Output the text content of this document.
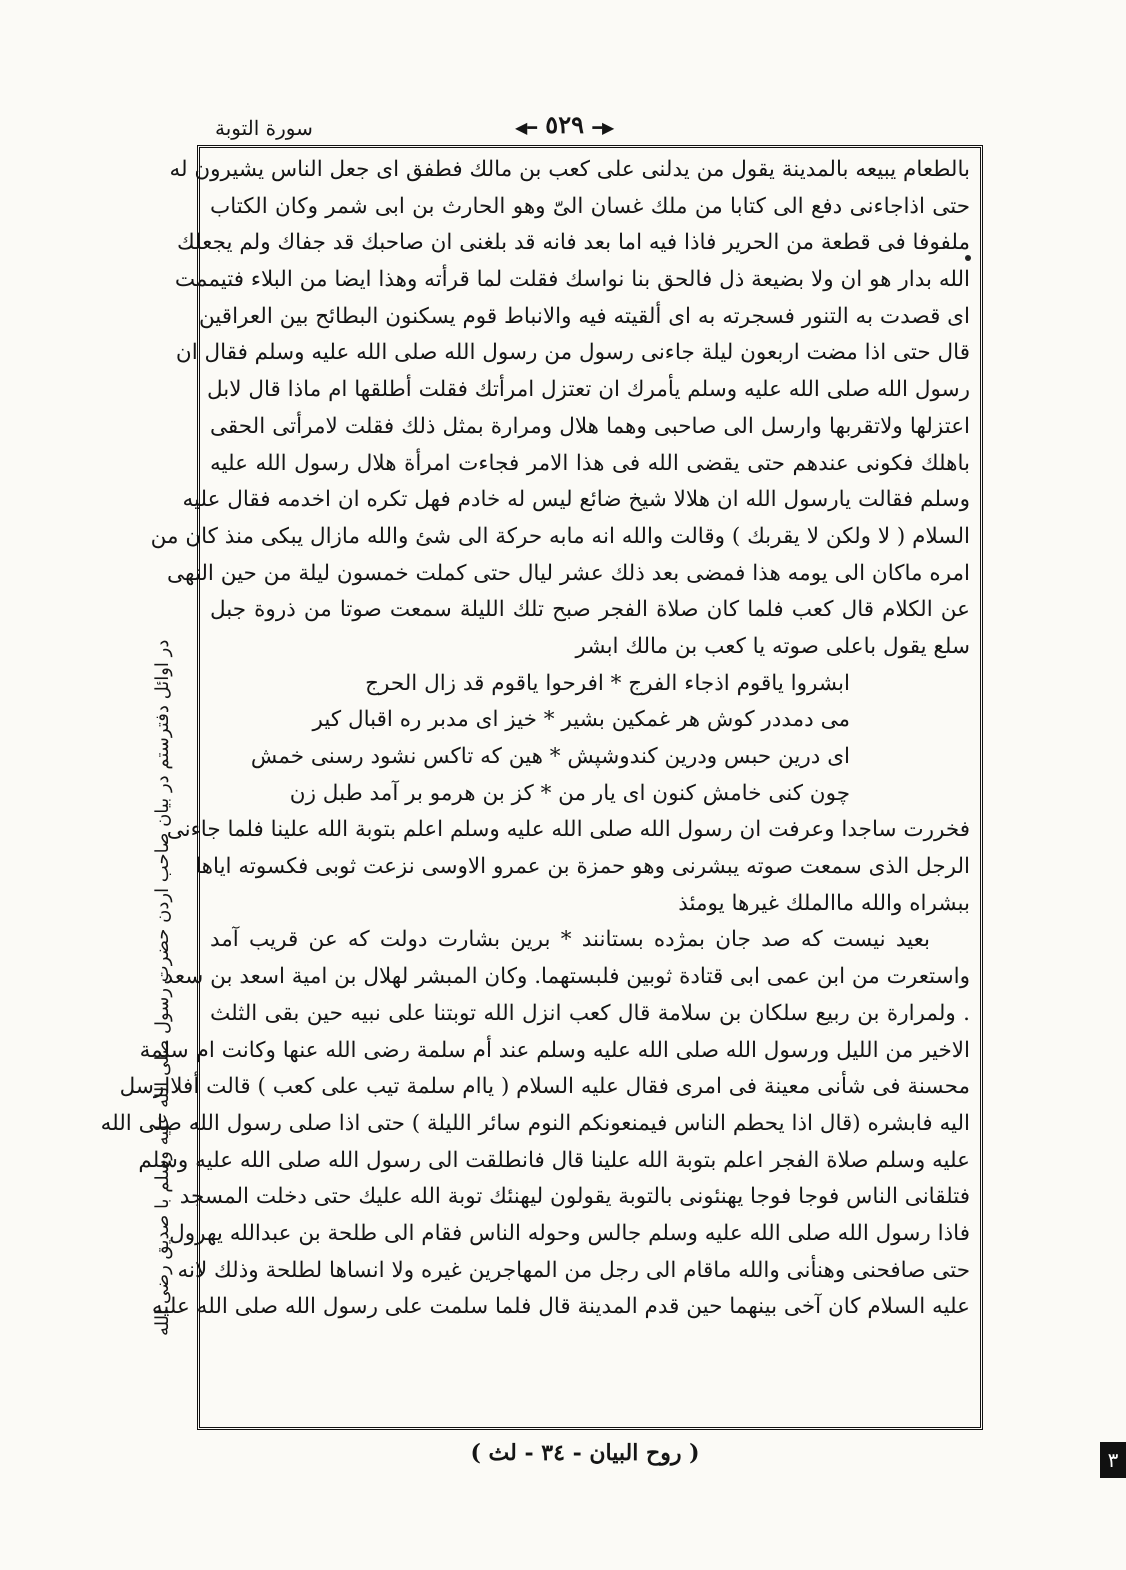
سورة التوبة	◀━ ٥٢٩ ━▶
بالطعام يبيعه بالمدينة يقول من يدلنى على كعب بن مالك فطفق اى جعل الناس يشيرون له
حتى اذاجاءنى دفع الى كتابا من ملك غسان الىّ وهو الحارث بن ابى شمر وكان الكتاب
ملفوفا فى قطعة من الحرير فاذا فيه اما بعد فانه قد بلغنى ان صاحبك قد جفاك ولم يجعلك
الله بدار هو ان ولا بضيعة ذل فالحق بنا نواسك فقلت لما قرأته وهذا ايضا من البلاء فتيممت
اى قصدت به التنور فسجرته به اى ألقيته فيه والانباط قوم يسكنون البطائح بين العراقين
قال حتى اذا مضت اربعون ليلة جاءنى رسول من رسول الله صلى الله عليه وسلم فقال ان
رسول الله صلى الله عليه وسلم يأمرك ان تعتزل امرأتك فقلت أطلقها ام ماذا قال لابل
اعتزلها ولاتقربها وارسل الى صاحبى وهما هلال ومرارة بمثل ذلك فقلت لامرأتى الحقى
باهلك فكونى عندهم حتى يقضى الله فى هذا الامر فجاءت امرأة هلال رسول الله عليه
وسلم فقالت يارسول الله ان هلالا شيخ ضائع ليس له خادم فهل تكره ان اخدمه فقال عليه
السلام ( لا ولكن لا يقربك ) وقالت والله انه مابه حركة الى شئ والله مازال يبكى منذ كان من
امره ماكان الى يومه هذا فمضى بعد ذلك عشر ليال حتى كملت خمسون ليلة من حين النهى
عن الكلام قال كعب فلما كان صلاة الفجر صبح تلك الليلة سمعت صوتا من ذروة جبل
سلع يقول باعلى صوته يا كعب بن مالك ابشر
ابشروا ياقوم اذجاء الفرج * افرحوا ياقوم قد زال الحرج
مى دمددر كوش هر غمكين بشير * خيز اى مدبر ره اقبال كير
اى درين حبس ودرين كندوشپش * هين كه تاكس نشود رسنى خمش
چون كنى خامش كنون اى يار من * كز بن هرمو بر آمد طبل زن
فخررت ساجدا وعرفت ان رسول الله صلى الله عليه وسلم اعلم بتوبة الله علينا فلما جاءنى
الرجل الذى سمعت صوته يبشرنى وهو حمزة بن عمرو الاوسى نزعت ثوبى فكسوته اياها
ببشراه والله ماالملك غيرها يومئذ
بعيد نيست كه صد جان بمژده بستانند * برين بشارت دولت كه عن قريب آمد
واستعرت من ابن عمى ابى قتادة ثوبين فلبستهما. وكان المبشر لهلال بن امية اسعد بن سعد
. ولمرارة بن ربيع سلكان بن سلامة قال كعب انزل الله توبتنا على نبيه حين بقى الثلث
الاخير من الليل ورسول الله صلى الله عليه وسلم عند أم سلمة رضى الله عنها وكانت ام سلمة
محسنة فى شأنى معينة فى امرى فقال عليه السلام ( ياام سلمة تيب على كعب ) قالت أفلاارسل
اليه فابشره (قال اذا يحطم الناس فيمنعونكم النوم سائر الليلة ) حتى اذا صلى رسول الله صلى الله
عليه وسلم صلاة الفجر اعلم بتوبة الله علينا قال فانطلقت الى رسول الله صلى الله عليه وسلم
فتلقانى الناس فوجا فوجا يهنئونى بالتوبة يقولون ليهنئك توبة الله عليك حتى دخلت المسجد
فاذا رسول الله صلى الله عليه وسلم جالس وحوله الناس فقام الى طلحة بن عبدالله يهرول
حتى صافحنى وهنأنى والله ماقام الى رجل من المهاجرين غيره ولا انساها لطلحة وذلك لانه
عليه السلام كان آخى بينهما حين قدم المدينة قال فلما سلمت على رسول الله صلى الله عليه
در اوائل دفترستم در بيان صاحب اردن حضرت رسول صلى الله عليه وسلم با صديق رضى الله
( روح البيان - ٣٤ - لث )	٣
